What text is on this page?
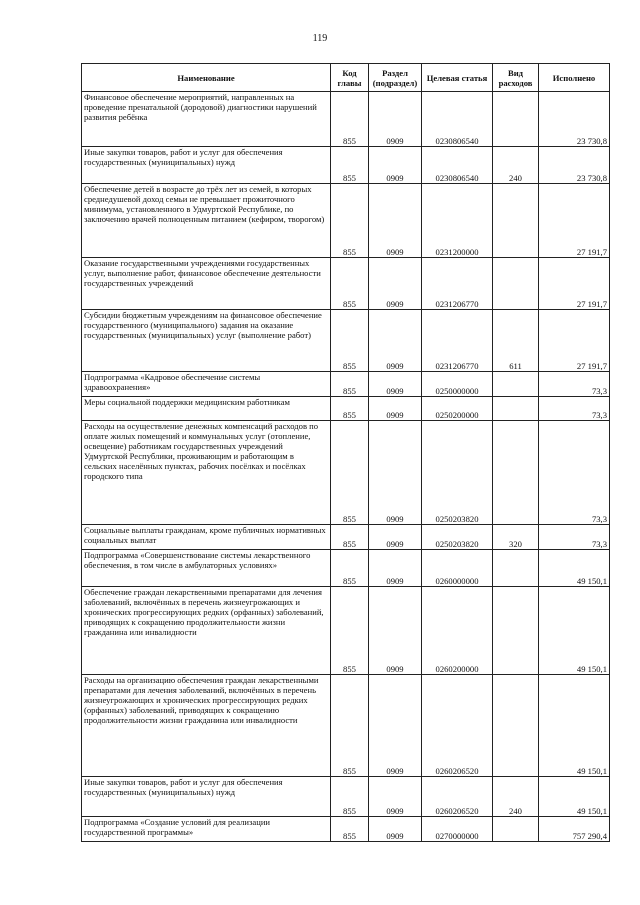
119
Наименование	Код главы	Раздел (подраздел)	Целевая статья	Вид расходов	Исполнено
Финансовое обеспечение мероприятий, направленных на проведение пренатальной (дородовой) диагностики нарушений развития ребёнка	855	0909	0230806540		23 730,8
Иные закупки товаров, работ и услуг для обеспечения государственных (муниципальных) нужд	855	0909	0230806540	240	23 730,8
Обеспечение детей в возрасте до трёх лет из семей, в которых среднедушевой доход семьи не превышает прожиточного минимума, установленного в Удмуртской Республике, по заключению врачей полноценным питанием (кефиром, творогом)	855	0909	0231200000		27 191,7
Оказание государственными учреждениями государственных услуг, выполнение работ, финансовое обеспечение деятельности государственных учреждений	855	0909	0231206770		27 191,7
Субсидии бюджетным учреждениям на финансовое обеспечение государственного (муниципального) задания на оказание государственных (муниципальных) услуг (выполнение работ)	855	0909	0231206770	611	27 191,7
Подпрограмма «Кадровое обеспечение системы здравоохранения»	855	0909	0250000000		73,3
Меры социальной поддержки медицинским работникам	855	0909	0250200000		73,3
Расходы на осуществление денежных компенсаций расходов по оплате жилых помещений и коммунальных услуг (отопление, освещение) работникам государственных учреждений Удмуртской Республики, проживающим и работающим в сельских населённых пунктах, рабочих посёлках и посёлках городского типа	855	0909	0250203820		73,3
Социальные выплаты гражданам, кроме публичных нормативных социальных выплат	855	0909	0250203820	320	73,3
Подпрограмма «Совершенствование системы лекарственного обеспечения, в том числе в амбулаторных условиях»	855	0909	0260000000		49 150,1
Обеспечение граждан лекарственными препаратами для лечения заболеваний, включённых в перечень жизнеугрожающих и хронических прогрессирующих редких (орфанных) заболеваний, приводящих к сокращению продолжительности жизни гражданина или инвалидности	855	0909	0260200000		49 150,1
Расходы на организацию обеспечения граждан лекарственными препаратами для лечения заболеваний, включённых в перечень жизнеугрожающих и хронических прогрессирующих редких (орфанных) заболеваний, приводящих к сокращению продолжительности жизни гражданина или инвалидности	855	0909	0260206520		49 150,1
Иные закупки товаров, работ и услуг для обеспечения государственных (муниципальных) нужд	855	0909	0260206520	240	49 150,1
Подпрограмма «Создание условий для реализации государственной программы»	855	0909	0270000000		757 290,4
